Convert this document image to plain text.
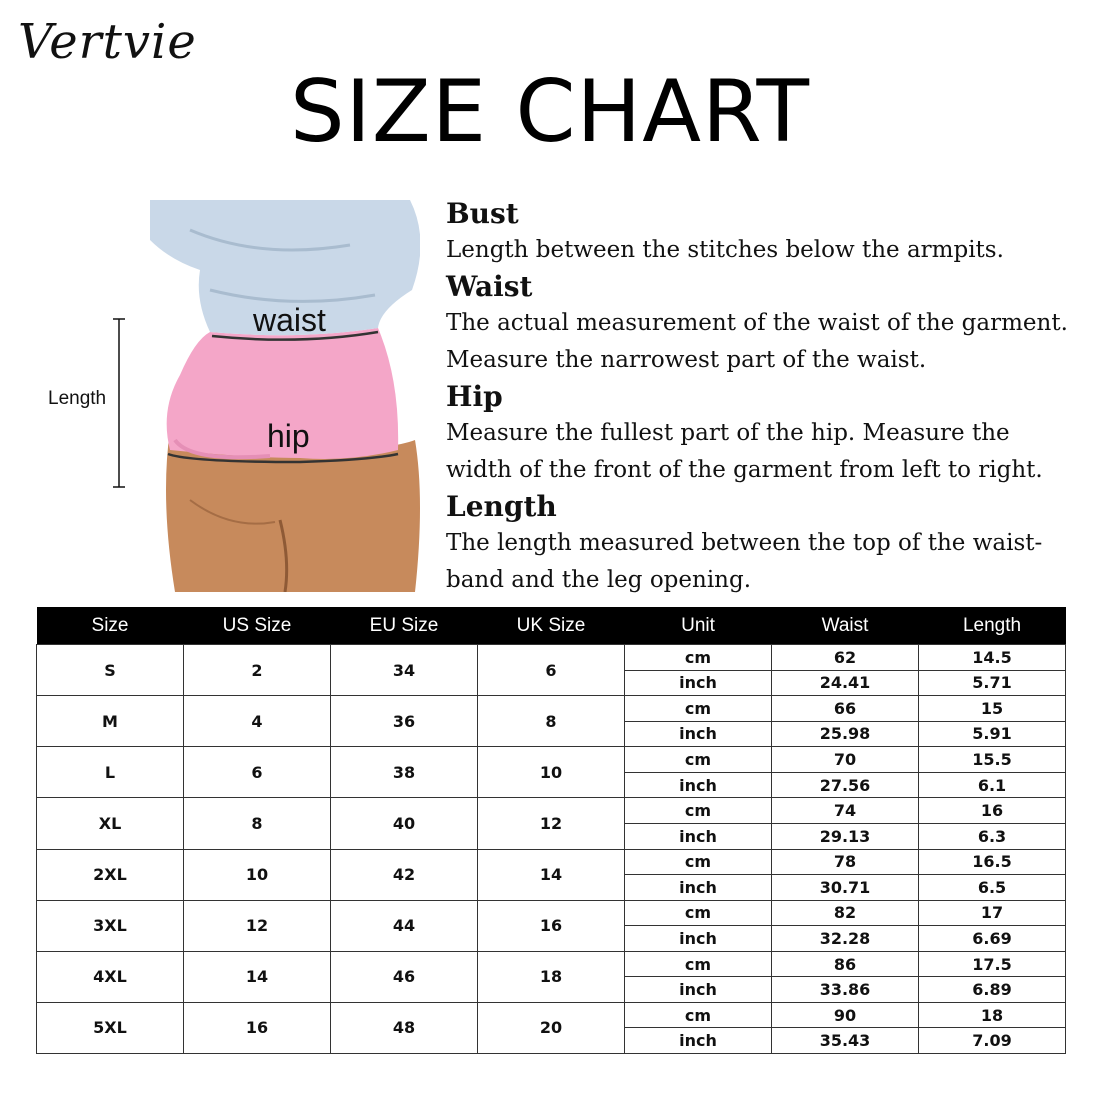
Vertvie
SIZE CHART
waist
hip
Length

Bust

Length between the stitches below the armpits.

Waist

The actual measurement of the waist of the garment.

Measure the narrowest part of the waist.

Hip

Measure the fullest part of the hip. Measure the

width of the front of the garment from left to right.

Length

The length measured between the top of the waist-

band and the leg opening.

Size	US Size	EU Size	UK Size	Unit	Waist	Length
S	2	34	6	cm	62	14.5
				inch	24.41	5.71
M	4	36	8	cm	66	15
				inch	25.98	5.91
L	6	38	10	cm	70	15.5
				inch	27.56	6.1
XL	8	40	12	cm	74	16
				inch	29.13	6.3
2XL	10	42	14	cm	78	16.5
				inch	30.71	6.5
3XL	12	44	16	cm	82	17
				inch	32.28	6.69
4XL	14	46	18	cm	86	17.5
				inch	33.86	6.89
5XL	16	48	20	cm	90	18
				inch	35.43	7.09
